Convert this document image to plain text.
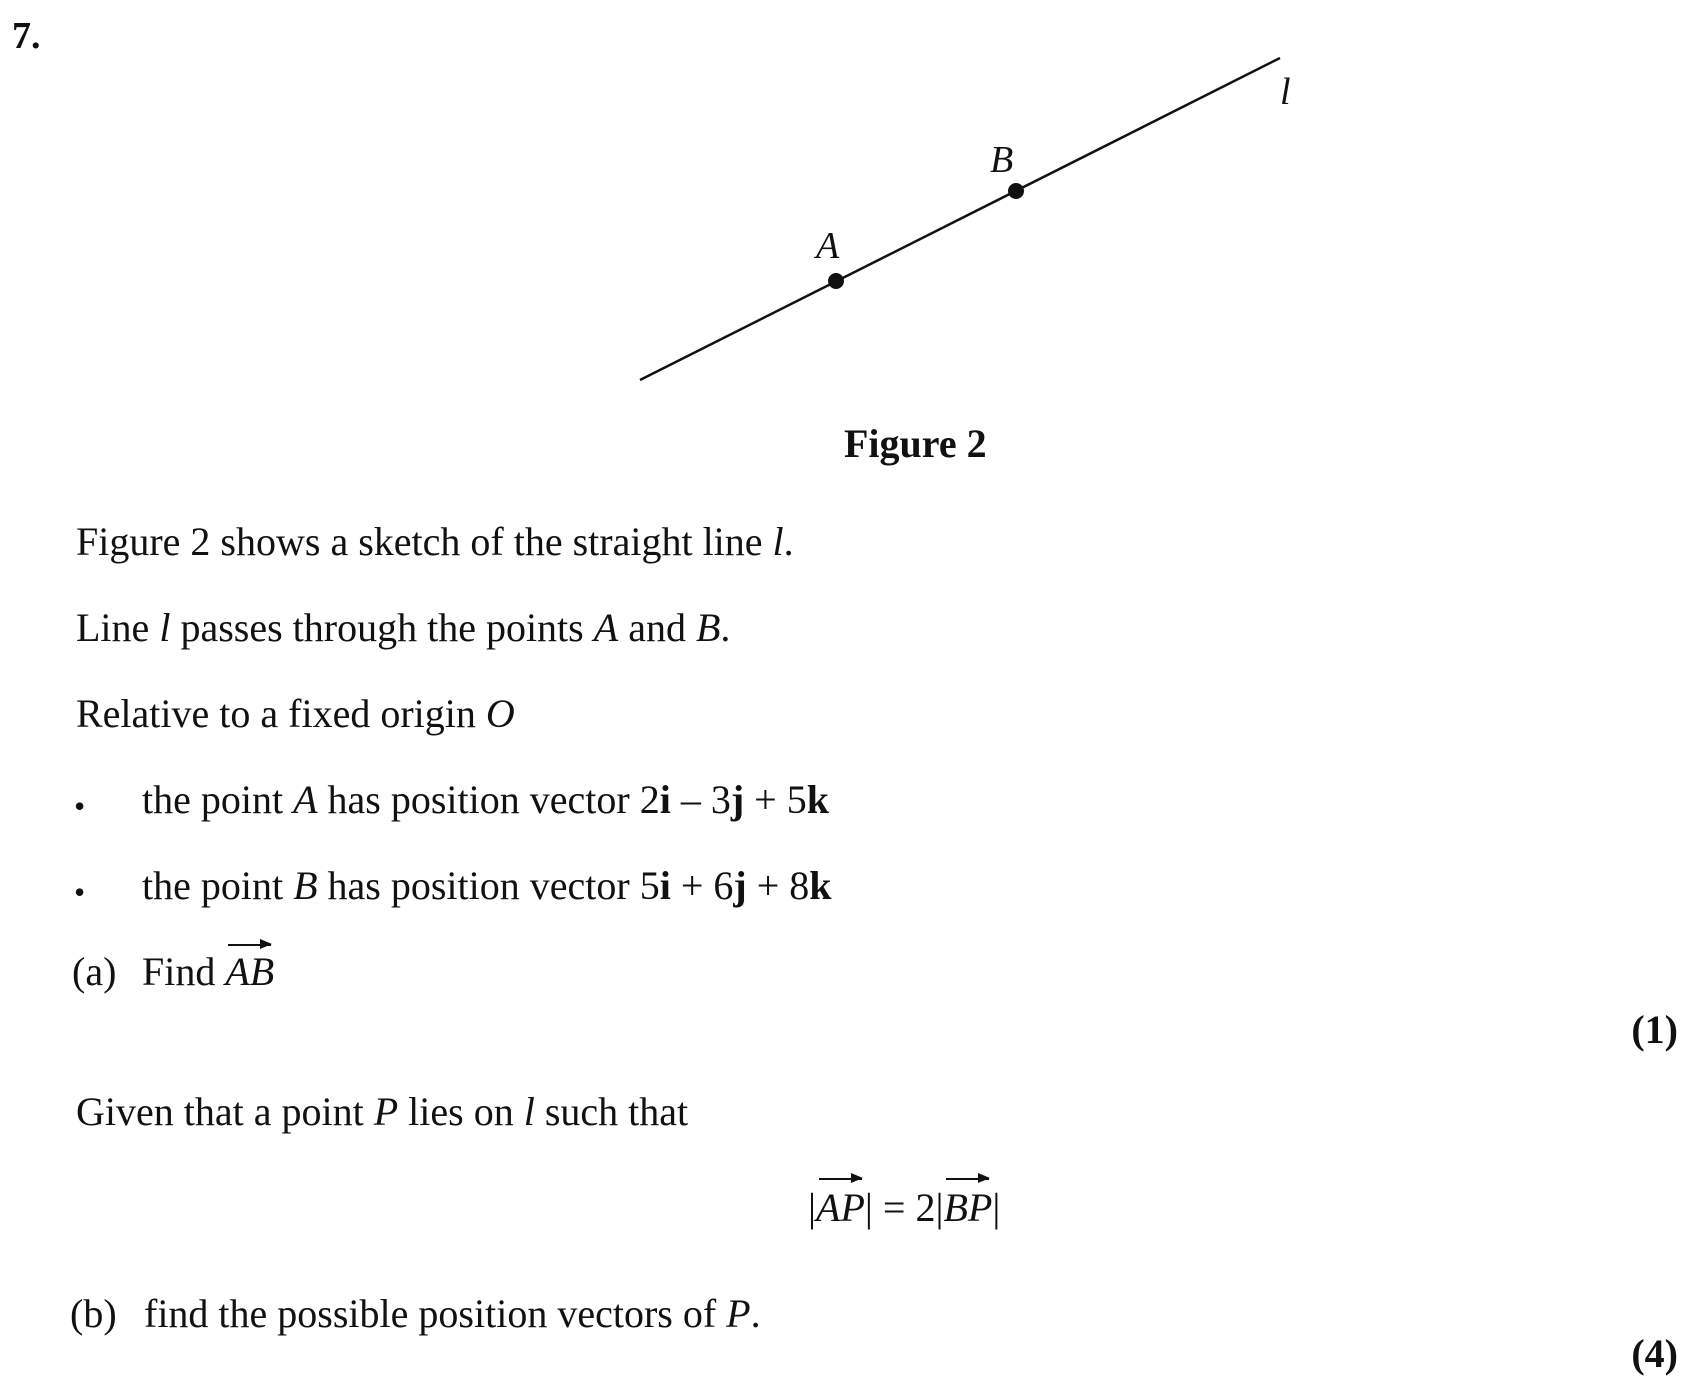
7.
A
B
l
Figure 2
Figure 2 shows a sketch of the straight line l.
Line l passes through the points A and B.
Relative to a fixed origin O
• the point A has position vector 2i – 3j + 5k
• the point B has position vector 5i + 6j + 8k
(a) Find AB
(1)
Given that a point P lies on l such that
|AP| = 2|BP|
(b) find the possible position vectors of P.
(4)
